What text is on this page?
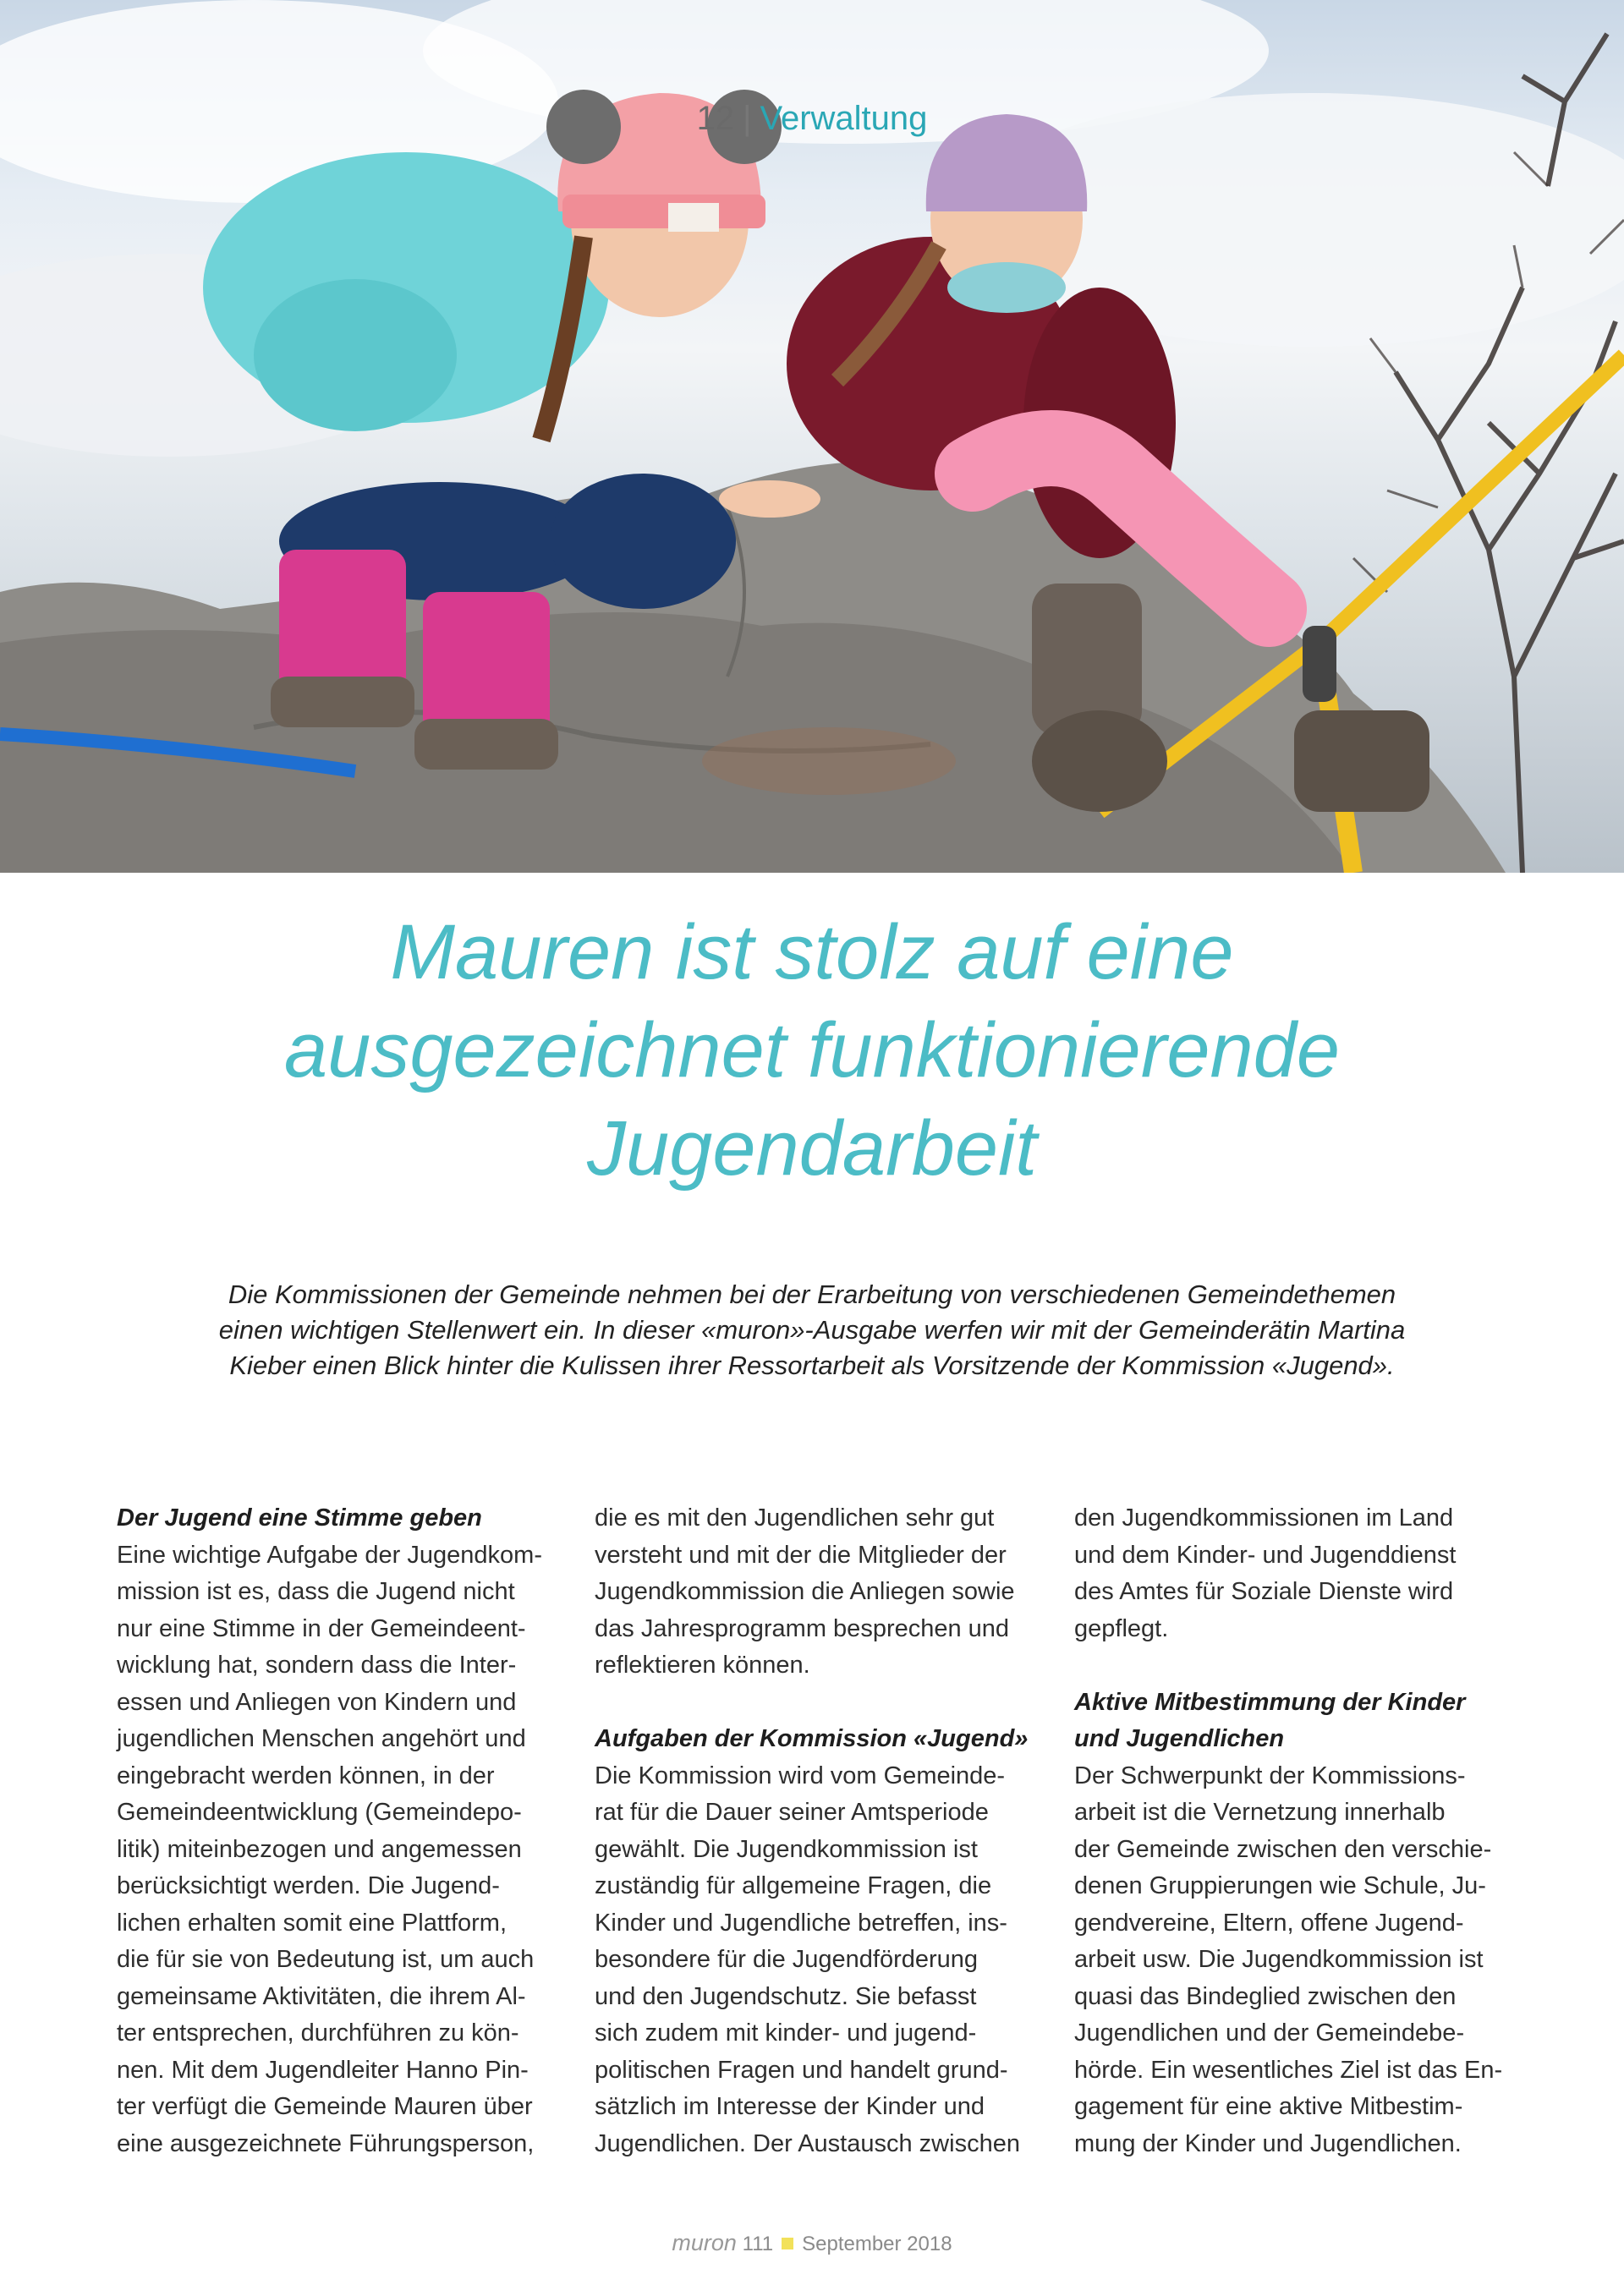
12 | Verwaltung
Mauren ist stolz auf eine
ausgezeichnet funktionierende
Jugendarbeit

Die Kommissionen der Gemeinde nehmen bei der Erarbeitung von verschiedenen Gemeindethemen
einen wichtigen Stellenwert ein. In dieser «muron»-Ausgabe werfen wir mit der Gemeinderätin Martina
Kieber einen Blick hinter die Kulissen ihrer Ressortarbeit als Vorsitzende der Kommission «Jugend».

Der Jugend eine Stimme geben

Eine wichtige Aufgabe der Jugendkom-
mission ist es, dass die Jugend nicht
nur eine Stimme in der Gemeindeent-
wicklung hat, sondern dass die Inter-
essen und Anliegen von Kindern und
jugendlichen Menschen angehört und
eingebracht werden können, in der
Gemeindeentwicklung (Gemeindepo-
litik) miteinbezogen und angemessen
berücksichtigt werden. Die Jugend-
lichen erhalten somit eine Plattform,
die für sie von Bedeutung ist, um auch
gemeinsame Aktivitäten, die ihrem Al-
ter entsprechen, durchführen zu kön-
nen. Mit dem Jugendleiter Hanno Pin-
ter verfügt die Gemeinde Mauren über
eine ausgezeichnete Führungsperson,

die es mit den Jugendlichen sehr gut
versteht und mit der die Mitglieder der
Jugendkommission die Anliegen sowie
das Jahresprogramm besprechen und
reflektieren können.

Aufgaben der Kommission «Jugend»

Die Kommission wird vom Gemeinde-
rat für die Dauer seiner Amtsperiode
gewählt. Die Jugendkommission ist
zuständig für allgemeine Fragen, die
Kinder und Jugendliche betreffen, ins-
besondere für die Jugendförderung
und den Jugendschutz. Sie befasst
sich zudem mit kinder- und jugend-
politischen Fragen und handelt grund-
sätzlich im Interesse der Kinder und
Jugendlichen. Der Austausch zwischen

den Jugendkommissionen im Land
und dem Kinder- und Jugenddienst
des Amtes für Soziale Dienste wird
gepflegt.

Aktive Mitbestimmung der Kinder
und Jugendlichen

Der Schwerpunkt der Kommissions-
arbeit ist die Vernetzung innerhalb
der Gemeinde zwischen den verschie-
denen Gruppierungen wie Schule, Ju-
gendvereine, Eltern, offene Jugend-
arbeit usw. Die Jugendkommission ist
quasi das Bindeglied zwischen den
Jugendlichen und der Gemeindebe-
hörde. Ein wesentliches Ziel ist das En-
gagement für eine aktive Mitbestim-
mung der Kinder und Jugendlichen.

muron 111 September 2018
